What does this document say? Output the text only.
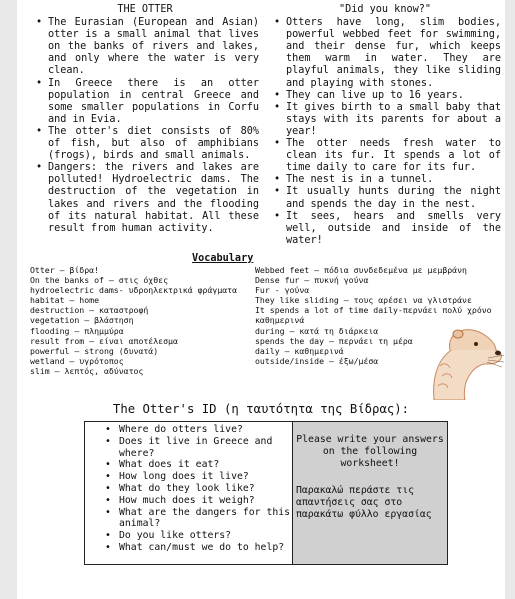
THE OTTER
• The Eurasian (European and Asian) otter is a small animal that lives on the banks of rivers and lakes, and only where the water is very clean.
• In Greece there is an otter population in central Greece and some smaller populations in Corfu and in Evia.
• The otter's diet consists of 80% of fish, but also of amphibians (frogs), birds and small animals.
• Dangers: the rivers and lakes are polluted! Hydroelectric dams. The destruction of the vegetation in lakes and rivers and the flooding of its natural habitat. All these result from human activity.
"Did you know?"
• Otters have long, slim bodies, powerful webbed feet for swimming, and their dense fur, which keeps them warm in water. They are playful animals, they like sliding and playing with stones.
• They can live up to 16 years.
• It gives birth to a small baby that stays with its parents for about a year!
• The otter needs fresh water to clean its fur. It spends a lot of time daily to care for its fur.
• The nest is in a tunnel.
• It usually hunts during the night and spends the day in the nest.
• It sees, hears and smells very well, outside and inside of the water!
Vocabulary
Otter – βίδρα!
On the banks of – στις όχθες
hydroelectric dams- υδροηλεκτρικά φράγματα
habitat – home
destruction – καταστροφή
vegetation – βλάστηση
flooding – πλημμύρα
result from – είναι αποτέλεσμα
powerful – strong (δυνατά)
wetland – υγρότοπος
slim – λεπτός, αδύνατος
Webbed feet – πόδια συνδεδεμένα με μεμβράνη
Dense fur – πυκνή γούνα
Fur - γούνα
They like sliding – τους αρέσει να γλιστράνε
It spends a lot of time daily-περνάει πολύ χρόνο
καθημερινά
during – κατά τη διάρκεια
spends the day – περνάει τη μέρα
daily – καθημερινά
outside/inside – έξω/μέσα
The Otter's ID (η ταυτότητα της Βίδρας):
• Where do otters live?
• Does it live in Greece and where?
• What does it eat?
• How long does it live?
• What do they look like?
• How much does it weigh?
• What are the dangers for this animal?
• Do you like otters?
• What can/must we do to help?
Please write your answers on the following worksheet!
Παρακαλώ περάστε τις απαντήσεις σας στο παρακάτω φύλλο εργασίας
